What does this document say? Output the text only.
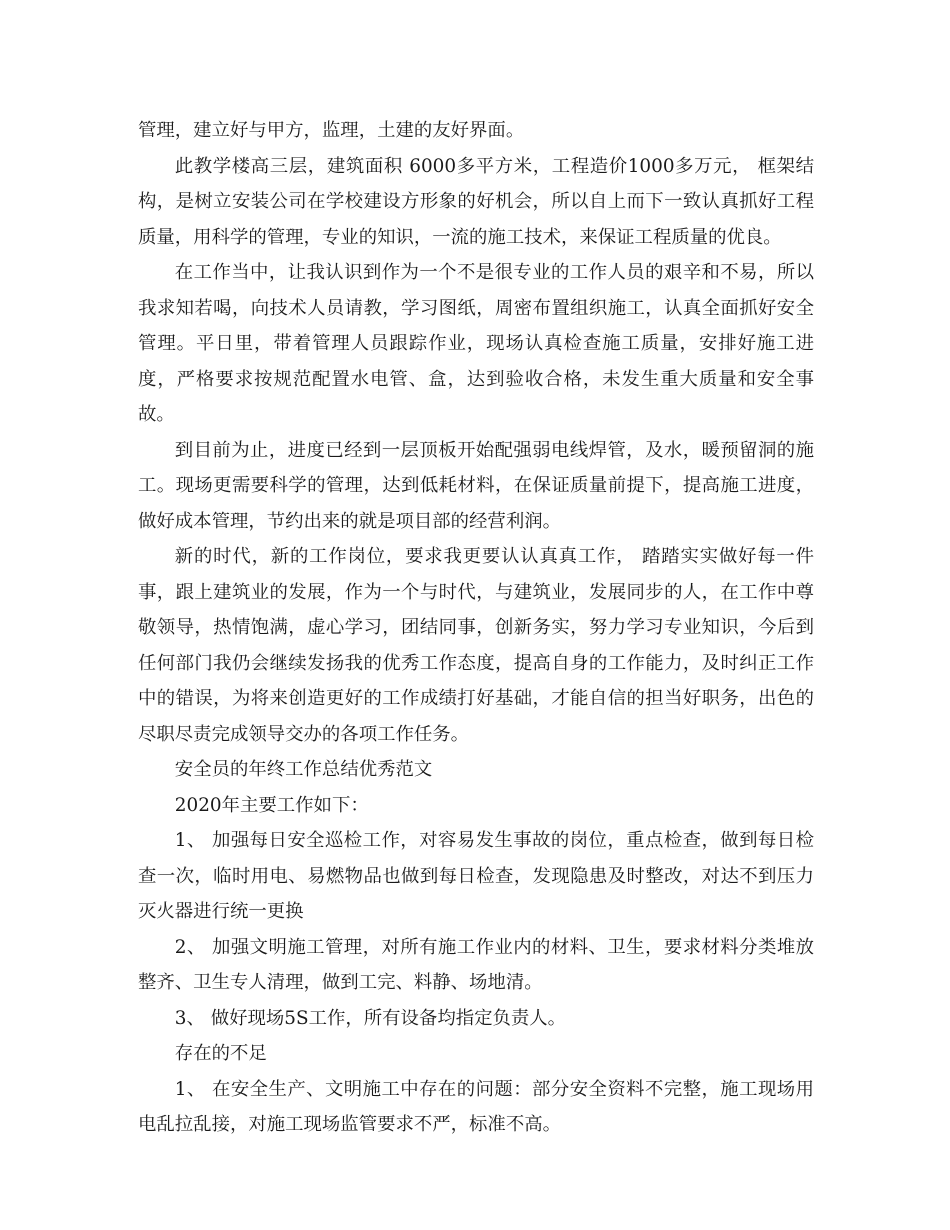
管理，建立好与甲方，监理，土建的友好界面。

此教学楼高三层，建筑面积 6000多平方米，工程造价1000多万元， 框架结构，是树立安装公司在学校建设方形象的好机会，所以自上而下一致认真抓好工程质量，用科学的管理，专业的知识，一流的施工技术，来保证工程质量的优良。

在工作当中，让我认识到作为一个不是很专业的工作人员的艰辛和不易，所以我求知若喝，向技术人员请教，学习图纸，周密布置组织施工，认真全面抓好安全管理。平日里，带着管理人员跟踪作业，现场认真检查施工质量，安排好施工进度，严格要求按规范配置水电管、盒，达到验收合格，未发生重大质量和安全事故。

到目前为止，进度已经到一层顶板开始配强弱电线焊管，及水，暖预留洞的施工。现场更需要科学的管理，达到低耗材料，在保证质量前提下，提高施工进度，做好成本管理，节约出来的就是项目部的经营利润。

新的时代，新的工作岗位，要求我更要认认真真工作， 踏踏实实做好每一件事，跟上建筑业的发展，作为一个与时代，与建筑业，发展同步的人，在工作中尊敬领导，热情饱满，虚心学习，团结同事，创新务实，努力学习专业知识，今后到任何部门我仍会继续发扬我的优秀工作态度，提高自身的工作能力，及时纠正工作中的错误，为将来创造更好的工作成绩打好基础，才能自信的担当好职务，出色的尽职尽责完成领导交办的各项工作任务。

安全员的年终工作总结优秀范文

2020年主要工作如下：

1、 加强每日安全巡检工作，对容易发生事故的岗位，重点检查，做到每日检查一次，临时用电、易燃物品也做到每日检查，发现隐患及时整改，对达不到压力灭火器进行统一更换

2、 加强文明施工管理，对所有施工作业内的材料、卫生，要求材料分类堆放整齐、卫生专人清理，做到工完、料静、场地清。

3、 做好现场5S工作，所有设备均指定负责人。

存在的不足

1、 在安全生产、文明施工中存在的问题：部分安全资料不完整，施工现场用电乱拉乱接，对施工现场监管要求不严，标准不高。
